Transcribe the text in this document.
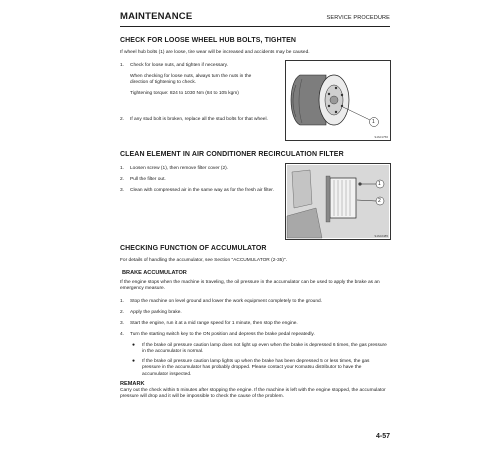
MAINTENANCE	SERVICE PROCEDURE
CHECK FOR LOOSE WHEEL HUB BOLTS, TIGHTEN
If wheel hub bolts (1) are loose, tire wear will be increased and accidents may be caused.
1. Check for loose nuts, and tighten if necessary.
When checking for loose nuts, always turn the nuts in the direction of tightening to check.
Tightening torque: 824 to 1030 Nm (84 to 105 kgm)
2. If any stud bolt is broken, replace all the stud bolts for that wheel.	1
9JA01756
CLEAN ELEMENT IN AIR CONDITIONER RECIRCULATION FILTER
1. Loosen screw (1), then remove filter cover (2).
2. Pull the filter out.
3. Clean with compressed air in the same way as for the fresh air filter.
1
2
9JA02485
CHECKING FUNCTION OF ACCUMULATOR
For details of handling the accumulator, see Section "ACCUMULATOR (2-35)".
BRAKE ACCUMULATOR
If the engine stops when the machine is traveling, the oil pressure in the accumulator can be used to apply the brake as an emergency measure.
1. Stop the machine on level ground and lower the work equipment completely to the ground.
2. Apply the parking brake.
3. Start the engine, run it at a mid range speed for 1 minute, then stop the engine.
4. Turn the starting switch key to the ON position and depress the brake pedal repeatedly.
● If the brake oil pressure caution lamp does not light up even when the brake is depressed 6 times, the gas pressure in the accumulator is normal.
● If the brake oil pressure caution lamp lights up when the brake has been depressed 5 or less times, the gas pressure in the accumulator has probably dropped. Please contact your Komatsu distributor to have the accumulator inspected.
REMARK
Carry out the check within 5 minutes after stopping the engine. If the machine is left with the engine stopped, the accumulator pressure will drop and it will be impossible to check the cause of the problem.
4-57
